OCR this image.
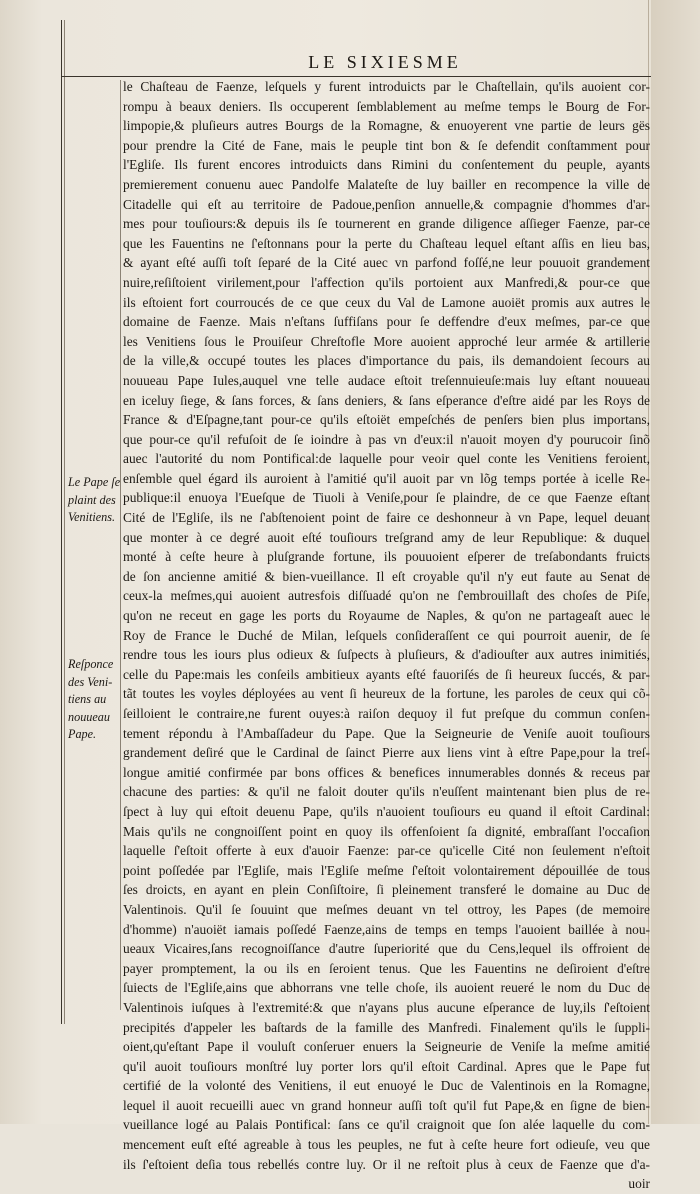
LE SIXIESME
Le Pape ſe
plaint des
Venitiens.
Reſponce
des Veni-
tiens au
nouueau
Pape.
le Chaſteau de Faenze, leſquels y furent introduicts par le Chaſtellain, qu'ils auoient cor-
rompu à beaux deniers. Ils occuperent ſemblablement au meſme temps le Bourg de For-
limpopie,& pluſieurs autres Bourgs de la Romagne, & enuoyerent vne partie de leurs gës
pour prendre la Cité de Fane, mais le peuple tint bon & ſe defendit conſtamment pour
l'Egliſe. Ils furent encores introduicts dans Rimini du conſentement du peuple, ayants
premierement conuenu auec Pandolfe Malateſte de luy bailler en recompence la ville de
Citadelle qui eſt au territoire de Padoue,penſion annuelle,& compagnie d'hommes d'ar-
mes pour touſiours:& depuis ils ſe tournerent en grande diligence aſſieger Faenze, par-ce
que les Fauentins ne ſ'eſtonnans pour la perte du Chaſteau lequel eſtant aſſis en lieu bas,
& ayant eſté auſſi toſt ſeparé de la Cité auec vn parfond foſſé,ne leur pouuoit grandement
nuire,reſiſtoient virilement,pour l'affection qu'ils portoient aux Manfredi,& pour-ce que
ils eſtoient fort courroucés de ce que ceux du Val de Lamone auoiët promis aux autres le
domaine de Faenze. Mais n'eſtans ſuffiſans pour ſe deffendre d'eux meſmes, par-ce que
les Venitiens ſous le Prouiſeur Chreſtofle More auoient approché leur armée & artillerie
de la ville,& occupé toutes les places d'importance du pais, ils demandoient ſecours au
nouueau Pape Iules,auquel vne telle audace eſtoit treſennuieuſe:mais luy eſtant nouueau
en iceluy ſiege, & ſans forces, & ſans deniers, & ſans eſperance d'eſtre aidé par les Roys de
France & d'Eſpagne,tant pour-ce qu'ils eſtoiët empeſchés de penſers bien plus importans,
que pour-ce qu'il refuſoit de ſe ioindre à pas vn d'eux:il n'auoit moyen d'y pourucoir ſinõ
auec l'autorité du nom Pontifical:de laquelle pour veoir quel conte les Venitiens feroient,
enſemble quel égard ils auroient à l'amitié qu'il auoit par vn lõg temps portée à icelle Re-
publique:il enuoya l'Eueſque de Tiuoli à Veniſe,pour ſe plaindre, de ce que Faenze eſtant
Cité de l'Egliſe, ils ne ſ'abſtenoient point de faire ce deshonneur à vn Pape, lequel deuant
que monter à ce degré auoit eſté touſiours treſgrand amy de leur Republique: & duquel
monté à ceſte heure à pluſgrande fortune, ils pouuoient eſperer de treſabondants fruicts
de ſon ancienne amitié & bien-vueillance. Il eſt croyable qu'il n'y eut faute au Senat de
ceux-la meſmes,qui auoient autresfois diſſuadé qu'on ne ſ'embrouillaſt des choſes de Piſe,
qu'on ne receut en gage les ports du Royaume de Naples, & qu'on ne partageaſt auec le
Roy de France le Duché de Milan, leſquels conſideraſſent ce qui pourroit auenir, de ſe
rendre tous les iours plus odieux & ſuſpects à pluſieurs, & d'adiouſter aux autres inimitiés,
celle du Pape:mais les conſeils ambitieux ayants eſté fauoriſés de ſi heureux ſuccés, & par-
tãt toutes les voyles déployées au vent ſi heureux de la fortune, les paroles de ceux qui cõ-
ſeilloient le contraire,ne furent ouyes:à raiſon dequoy il fut preſque du commun conſen-
tement répondu à l'Ambaſſadeur du Pape. Que la Seigneurie de Veniſe auoit touſiours
grandement deſiré que le Cardinal de ſainct Pierre aux liens vint à eſtre Pape,pour la treſ-
longue amitié confirmée par bons offices & benefices innumerables donnés & receus par
chacune des parties: & qu'il ne faloit douter qu'ils n'euſſent maintenant bien plus de re-
ſpect à luy qui eſtoit deuenu Pape, qu'ils n'auoient touſiours eu quand il eſtoit Cardinal:
Mais qu'ils ne congnoiſſent point en quoy ils offenſoient ſa dignité, embraſſant l'occaſion
laquelle ſ'eſtoit offerte à eux d'auoir Faenze: par-ce qu'icelle Cité non ſeulement n'eſtoit
point poſſedée par l'Egliſe, mais l'Egliſe meſme ſ'eſtoit volontairement dépouillée de tous
ſes droicts, en ayant en plein Conſiſtoire, ſi pleinement transferé le domaine au Duc de
Valentinois. Qu'il ſe ſouuint que meſmes deuant vn tel ottroy, les Papes (de memoire
d'homme) n'auoiët iamais poſſedé Faenze,ains de temps en temps l'auoient baillée à nou-
ueaux Vicaires,ſans recognoiſſance d'autre ſuperiorité que du Cens,lequel ils offroient de
payer promptement, la ou ils en ſeroient tenus. Que les Fauentins ne deſiroient d'eſtre
ſuiects de l'Egliſe,ains que abhorrans vne telle choſe, ils auoient reueré le nom du Duc de
Valentinois iuſques à l'extremité:& que n'ayans plus aucune eſperance de luy,ils ſ'eſtoient
precipités d'appeler les baſtards de la famille des Manfredi. Finalement qu'ils le ſuppli-
oient,qu'eſtant Pape il vouluſt conſeruer enuers la Seigneurie de Veniſe la meſme amitié
qu'il auoit touſiours monſtré luy porter lors qu'il eſtoit Cardinal. Apres que le Pape fut
certifié de la volonté des Venitiens, il eut enuoyé le Duc de Valentinois en la Romagne,
lequel il auoit recueilli auec vn grand honneur auſſi toſt qu'il fut Pape,& en ſigne de bien-
vueillance logé au Palais Pontifical: ſans ce qu'il craignoit que ſon alée laquelle du com-
mencement euſt eſté agreable à tous les peuples, ne fut à ceſte heure fort odieuſe, veu que
ils ſ'eſtoient deſia tous rebellés contre luy. Or il ne reſtoit plus à ceux de Faenze que d'a-
uoir
